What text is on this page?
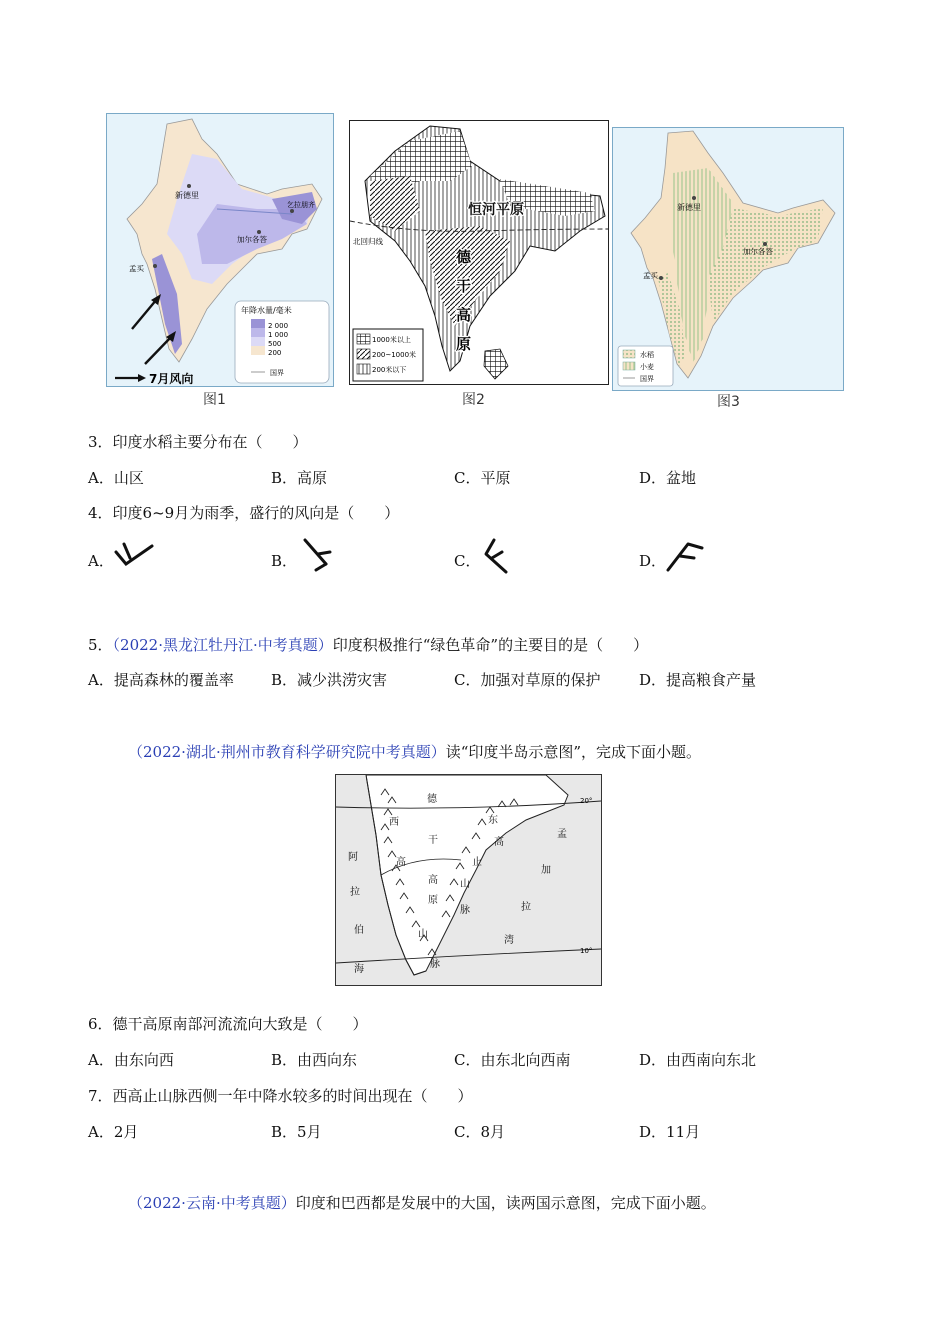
新德里
乞拉朋齐
加尔各答
孟买
7月风向
年降水量/毫米
2 000
1 000
500
200
国界
图1
北回归线
恒河平原
德
干
高
原
1000米以上
200~1000米
200米以下
图2
新德里
加尔各答
孟买
水稻
小麦
国界
图3
3．印度水稻主要分布在（　　）
A．山区	B．高原	C．平原	D．盆地
4．印度6~9月为雨季，盛行的风向是（　　）
A．	B．	C．	D．
5．（2022·黑龙江牡丹江·中考真题）印度积极推行“绿色革命”的主要目的是（　　）
A．提高森林的覆盖率 B．减少洪涝灾害	C．加强对草原的保护	D．提高粮食产量
（2022·湖北·荆州市教育科学研究院中考真题）读“印度半岛示意图”，完成下面小题。
20°
10°
德
西
干
东
高
高
孟
阿	止
加
拉
高 山
拉
伯
原
脉
湾
山
海	脉
6．德干高原南部河流流向大致是（　　）
A．由东向西	B．由西向东	C．由东北向西南	D．由西南向东北
7．西高止山脉西侧一年中降水较多的时间出现在（　　）
A．2月	B．5月	C．8月	D．11月
（2022·云南·中考真题）印度和巴西都是发展中的大国，读两国示意图，完成下面小题。
